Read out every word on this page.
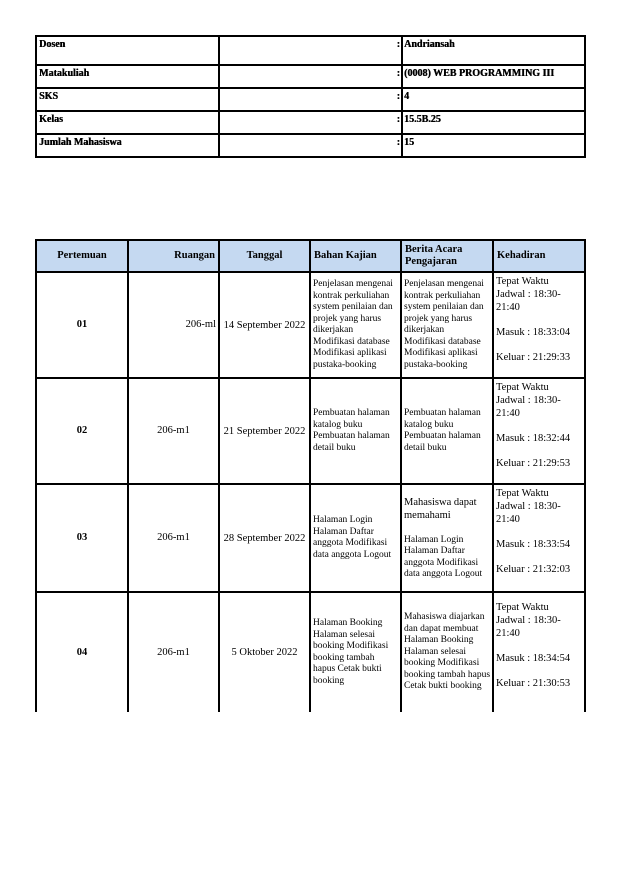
Dosen	:	Andriansah
Matakuliah	:	(0008) WEB PROGRAMMING III
SKS	:	4
Kelas	:	15.5B.25
Jumlah Mahasiswa	:	15
Pertemuan	Ruangan	Tanggal	Bahan Kajian	Berita Acara Pengajaran	Kehadiran
01	206-ml	14 September 2022	Penjelasan mengenai kontrak perkuliahan system penilaian dan projek yang harus dikerjakan
Modifikasi database Modifikasi aplikasi pustaka-booking	Penjelasan mengenai kontrak perkuliahan system penilaian dan projek yang harus dikerjakan
Modifikasi database Modifikasi aplikasi pustaka-booking	Tepat Waktu
Jadwal : 18:30-21:40
Masuk : 18:33:04
Keluar : 21:29:33

02	206-m1	21 September 2022	Pembuatan halaman katalog buku Pembuatan halaman detail buku	Pembuatan halaman katalog buku Pembuatan halaman detail buku	Tepat Waktu
Jadwal : 18:30-21:40
Masuk : 18:32:44
Keluar : 21:29:53

03	206-m1	28 September 2022	Halaman Login Halaman Daftar anggota Modifikasi data anggota Logout	Mahasiswa dapat memahami
Halaman Login Halaman Daftar anggota Modifikasi data anggota Logout	Tepat Waktu
Jadwal : 18:30-21:40
Masuk : 18:33:54
Keluar : 21:32:03

04	206-m1	5 Oktober 2022	Halaman Booking Halaman selesai booking Modifikasi booking tambah hapus Cetak bukti booking	Mahasiswa diajarkan dan dapat membuat Halaman Booking Halaman selesai booking Modifikasi booking tambah hapus Cetak bukti booking	Tepat Waktu
Jadwal : 18:30-21:40
Masuk : 18:34:54
Keluar : 21:30:53
